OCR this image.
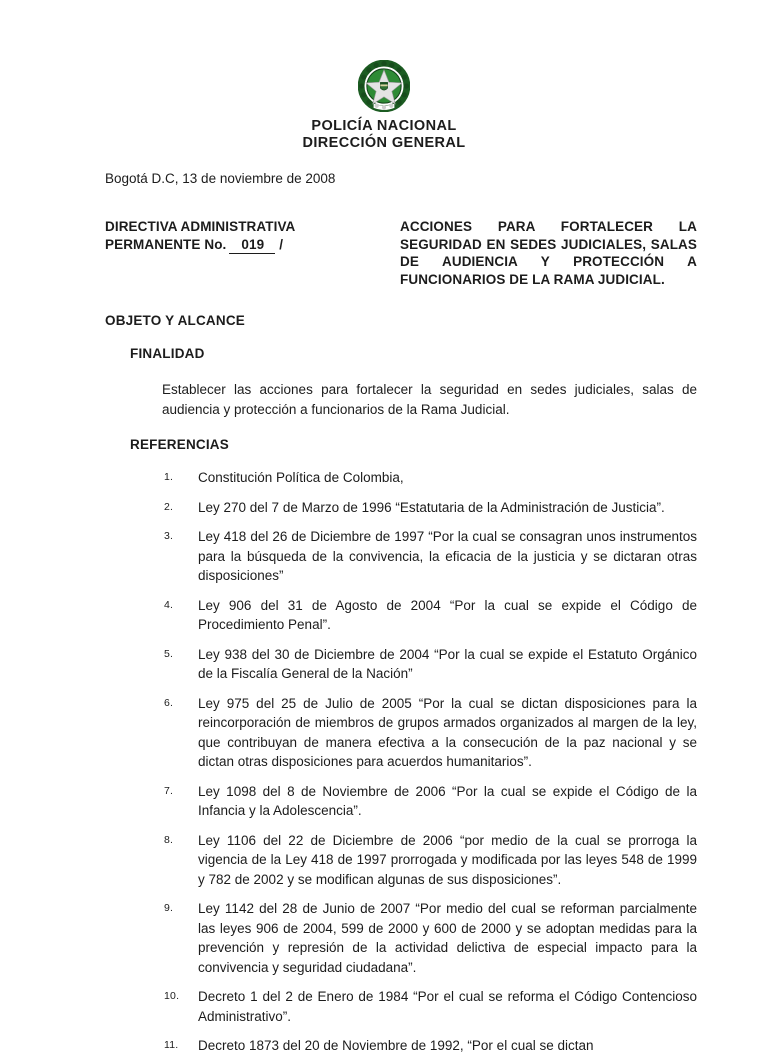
POLICÍA NACIONAL
DIRECCIÓN GENERAL
Bogotá D.C, 13 de noviembre de 2008
DIRECTIVA ADMINISTRATIVA
PERMANENTE No. 019 /
ACCIONES PARA FORTALECER LA SEGURIDAD EN SEDES JUDICIALES, SALAS DE AUDIENCIA Y PROTECCIÓN A FUNCIONARIOS DE LA RAMA JUDICIAL.
OBJETO Y ALCANCE
FINALIDAD
Establecer las acciones para fortalecer la seguridad en sedes judiciales, salas de audiencia y protección a funcionarios de la Rama Judicial.
REFERENCIAS
1.	Constitución Política de Colombia,
2.	Ley 270 del 7 de Marzo de 1996 “Estatutaria de la Administración de Justicia”.
3.	Ley 418 del 26 de Diciembre de 1997 “Por la cual se consagran unos instrumentos para la búsqueda de la convivencia, la eficacia de la justicia y se dictaran otras disposiciones”
4.	Ley 906 del 31 de Agosto de 2004 “Por la cual se expide el Código de Procedimiento Penal”.
5.	Ley 938 del 30 de Diciembre de 2004 “Por la cual se expide el Estatuto Orgánico de la Fiscalía General de la Nación”
6.	Ley 975 del 25 de Julio de 2005 “Por la cual se dictan disposiciones para la reincorporación de miembros de grupos armados organizados al margen de la ley, que contribuyan de manera efectiva a la consecución de la paz nacional y se dictan otras disposiciones para acuerdos humanitarios”.
7.	Ley 1098 del 8 de Noviembre de 2006 “Por la cual se expide el Código de la Infancia y la Adolescencia”.
8.	Ley 1106 del 22 de Diciembre de 2006 “por medio de la cual se prorroga la vigencia de la Ley 418 de 1997 prorrogada y modificada por las leyes 548 de 1999 y 782 de 2002 y se modifican algunas de sus disposiciones”.
9.	Ley 1142 del 28 de Junio de 2007 “Por medio del cual se reforman parcialmente las leyes 906 de 2004, 599 de 2000 y 600 de 2000 y se adoptan medidas para la prevención y represión de la actividad delictiva de especial impacto para la convivencia y seguridad ciudadana”.
10.	Decreto 1 del 2 de Enero de 1984 “Por el cual se reforma el Código Contencioso Administrativo”.
11.	Decreto 1873 del 20 de Noviembre de 1992, “Por el cual se dictan
